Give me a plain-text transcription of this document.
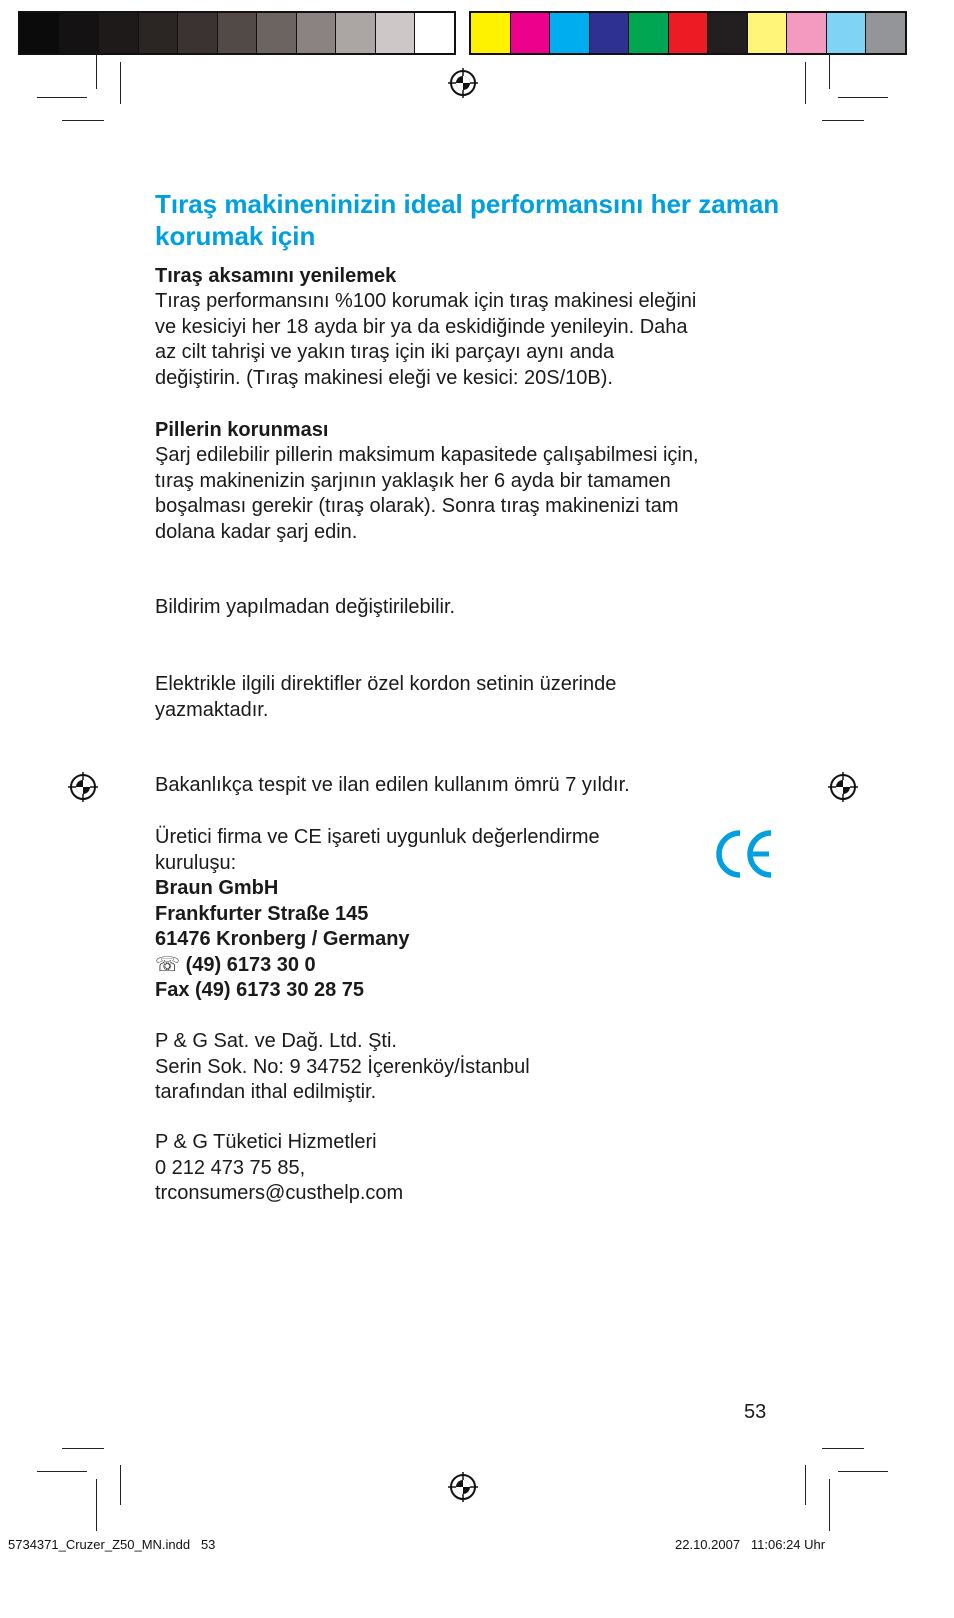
Tıraş makineninizin ideal performansını her zaman korumak için

Tıraş aksamını yenilemek

Tıraş performansını %100 korumak için tıraş makinesi eleğini
ve kesiciyi her 18 ayda bir ya da eskidiğinde yenileyin. Daha
az cilt tahrişi ve yakın tıraş için iki parçayı aynı anda
değiştirin. (Tıraş makinesi eleği ve kesici: 20S/10B).

Pillerin korunması

Şarj edilebilir pillerin maksimum kapasitede çalışabilmesi için,
tıraş makinenizin şarjının yaklaşık her 6 ayda bir tamamen
boşalması gerekir (tıraş olarak). Sonra tıraş makinenizi tam
dolana kadar şarj edin.

Bildirim yapılmadan değiştirilebilir.

Elektrikle ilgili direktifler özel kordon setinin üzerinde
yazmaktadır.

Bakanlıkça tespit ve ilan edilen kullanım ömrü 7 yıldır.

Üretici firma ve CE işareti uygunluk değerlendirme
kuruluşu:

Braun GmbH
Frankfurter Straße 145
61476 Kronberg / Germany
☏ (49) 6173 30 0
Fax (49) 6173 30 28 75

P & G Sat. ve Dağ. Ltd. Şti.
Serin Sok. No: 9 34752 İçerenköy/İstanbul
tarafından ithal edilmiştir.

P & G Tüketici Hizmetleri
0 212 473 75 85,
trconsumers@custhelp.com

53
5734371_Cruzer_Z50_MN.indd   53	22.10.2007   11:06:24 Uhr
